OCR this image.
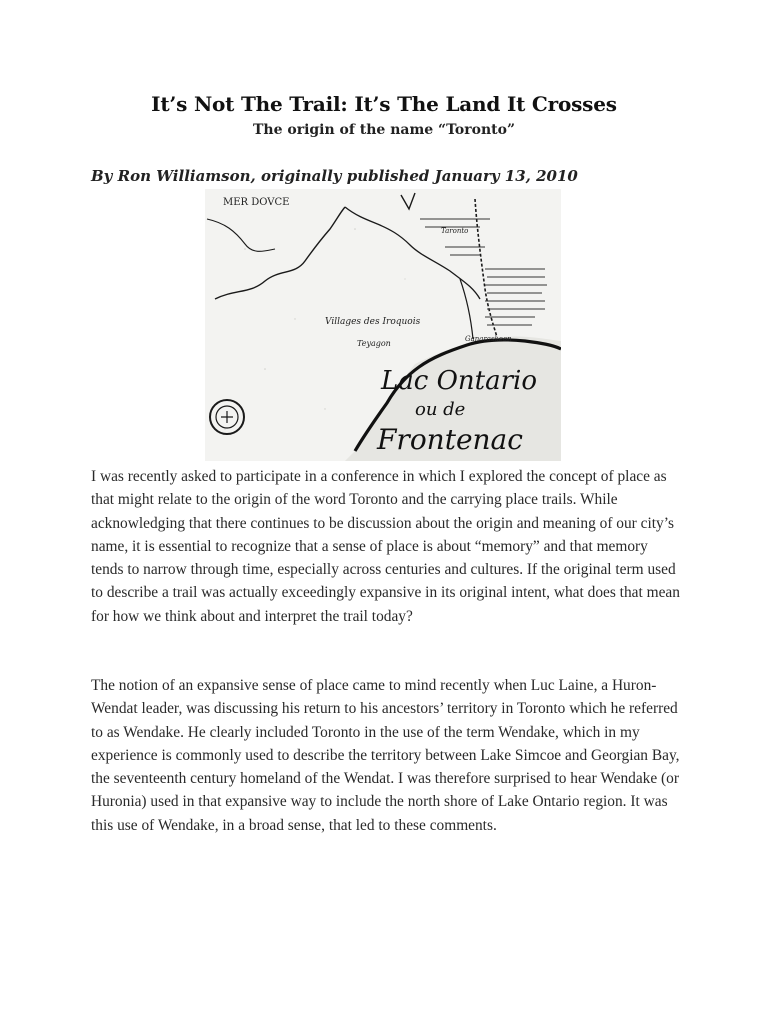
It’s Not The Trail: It’s The Land It Crosses
The origin of the name “Toronto”
By Ron Williamson, originally published January 13, 2010
MER DOVCE
Villages des Iroquois
Teyagon	Ganaraskeon
Taronto
Lac Ontario
ou de
Frontenac

I was recently asked to participate in a conference in which I explored the concept of place as that might relate to the origin of the word Toronto and the carrying place trails. While acknowledging that there continues to be discussion about the origin and meaning of our city’s name, it is essential to recognize that a sense of place is about “memory” and that memory tends to narrow through time, especially across centuries and cultures. If the original term used to describe a trail was actually exceedingly expansive in its original intent, what does that mean for how we think about and interpret the trail today?

The notion of an expansive sense of place came to mind recently when Luc Laine, a Huron-Wendat leader, was discussing his return to his ancestors’ territory in Toronto which he referred to as Wendake. He clearly included Toronto in the use of the term Wendake, which in my experience is commonly used to describe the territory between Lake Simcoe and Georgian Bay, the seventeenth century homeland of the Wendat. I was therefore surprised to hear Wendake (or Huronia) used in that expansive way to include the north shore of Lake Ontario region. It was this use of Wendake, in a broad sense, that led to these comments.
